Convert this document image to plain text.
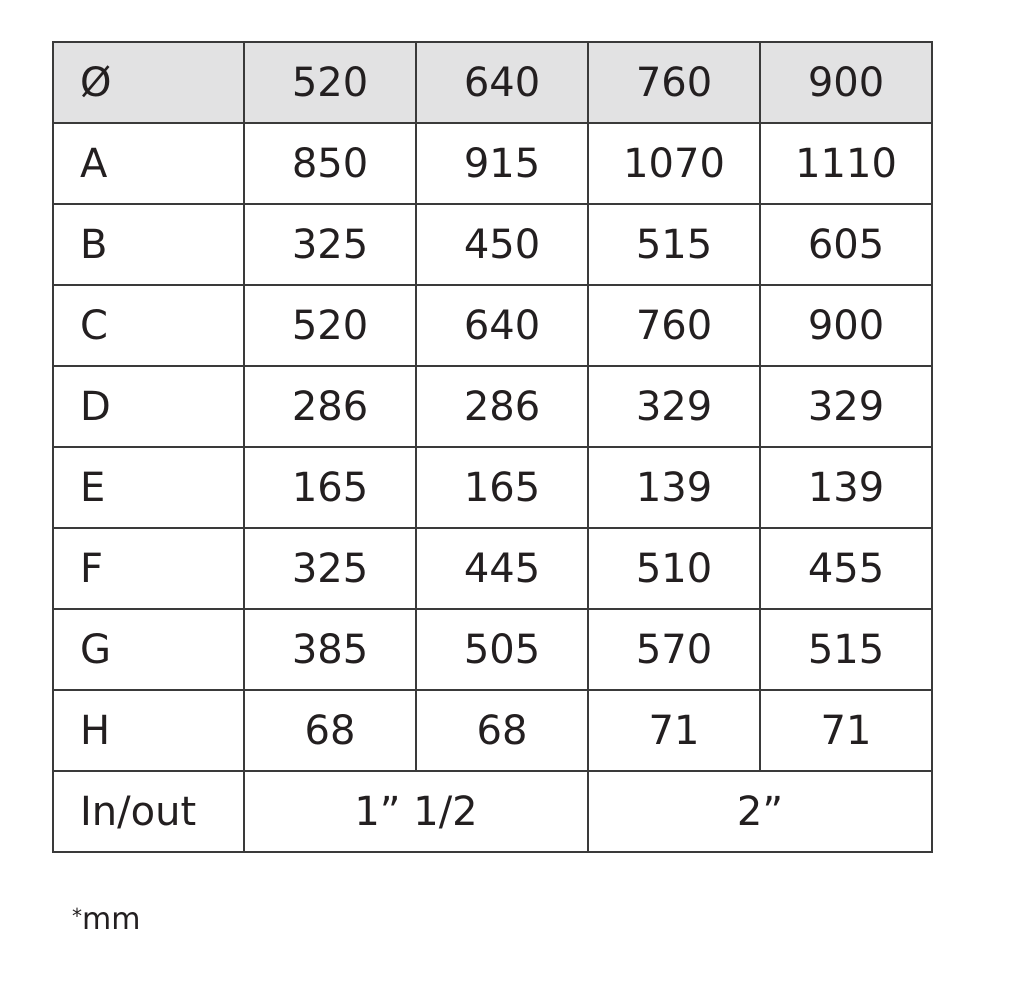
Ø	520	640	760	900
A	850	915	1070	1110
B	325	450	515	605
C	520	640	760	900
D	286	286	329	329
E	165	165	139	139
F	325	445	510	455
G	385	505	570	515
H	68	68	71	71
In/out	1” 1/2		2”	
*mm
